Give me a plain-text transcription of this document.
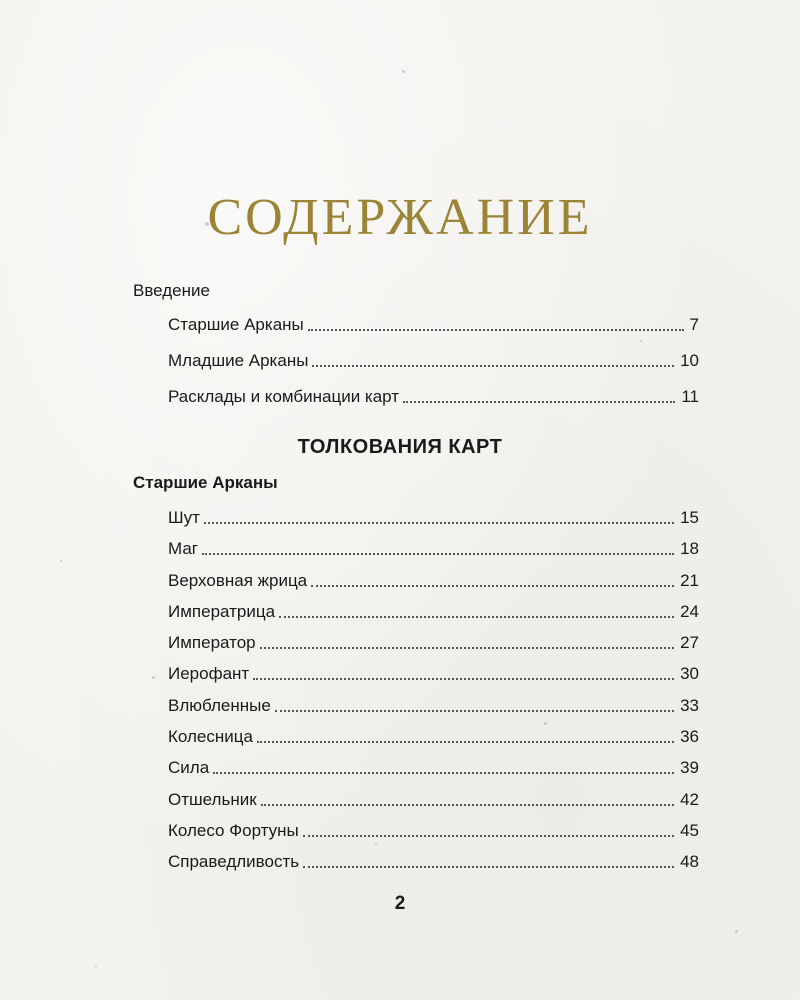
СОДЕРЖАНИЕ

Введение

Старшие Арканы	7
Младшие Арканы	10
Расклады и комбинации карт	11
ТОЛКОВАНИЯ КАРТ
Старшие Арканы
Шут	15
Маг	18
Верховная жрица	21
Императрица	24
Император	27
Иерофант	30
Влюбленные	33
Колесница	36
Сила	39
Отшельник	42
Колесо Фортуны	45
Справедливость	48

2
